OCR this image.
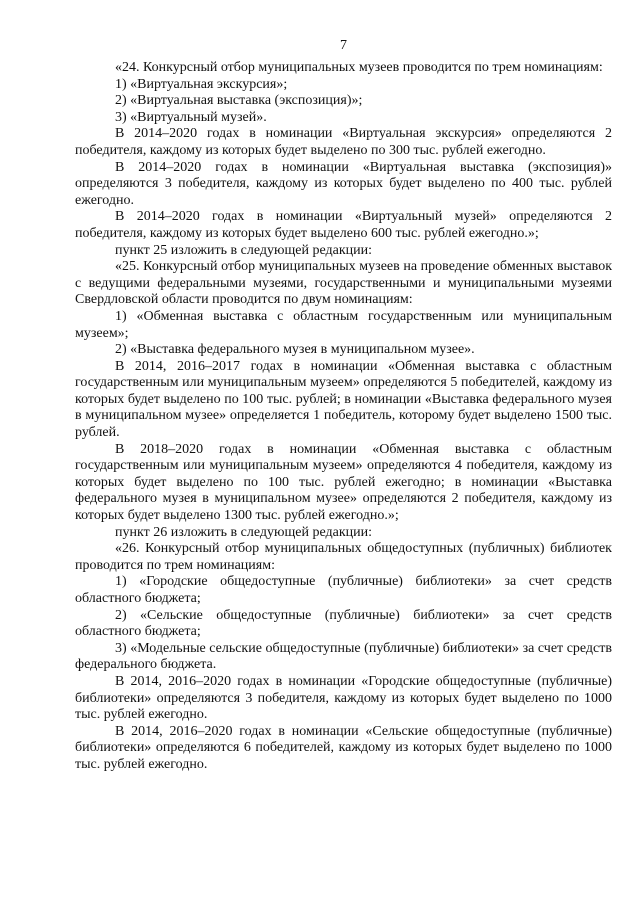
7

«24. Конкурсный отбор муниципальных музеев проводится по трем номинациям:

1) «Виртуальная экскурсия»;

2) «Виртуальная выставка (экспозиция)»;

3) «Виртуальный музей».

В 2014–2020 годах в номинации «Виртуальная экскурсия» определяются 2 победителя, каждому из которых будет выделено по 300 тыс. рублей ежегодно.

В 2014–2020 годах в номинации «Виртуальная выставка (экспозиция)» определяются 3 победителя, каждому из которых будет выделено по 400 тыс. рублей ежегодно.

В 2014–2020 годах в номинации «Виртуальный музей» определяются 2 победителя, каждому из которых будет выделено 600 тыс. рублей ежегодно.»;

пункт 25 изложить в следующей редакции:

«25. Конкурсный отбор муниципальных музеев на проведение обменных выставок с ведущими федеральными музеями, государственными и муниципальными музеями Свердловской области проводится по двум номинациям:

1) «Обменная выставка с областным государственным или муниципальным музеем»;

2) «Выставка федерального музея в муниципальном музее».

В 2014, 2016–2017 годах в номинации «Обменная выставка с областным государственным или муниципальным музеем» определяются 5 победителей, каждому из которых будет выделено по 100 тыс. рублей; в номинации «Выставка федерального музея в муниципальном музее» определяется 1 победитель, которому будет выделено 1500 тыс. рублей.

В 2018–2020 годах в номинации «Обменная выставка с областным государственным или муниципальным музеем» определяются 4 победителя, каждому из которых будет выделено по 100 тыс. рублей ежегодно; в номинации «Выставка федерального музея в муниципальном музее» определяются 2 победителя, каждому из которых будет выделено 1300 тыс. рублей ежегодно.»;

пункт 26 изложить в следующей редакции:

«26. Конкурсный отбор муниципальных общедоступных (публичных) библиотек проводится по трем номинациям:

1) «Городские общедоступные (публичные) библиотеки» за счет средств областного бюджета;

2) «Сельские общедоступные (публичные) библиотеки» за счет средств областного бюджета;

3) «Модельные сельские общедоступные (публичные) библиотеки» за счет средств федерального бюджета.

В 2014, 2016–2020 годах в номинации «Городские общедоступные (публичные) библиотеки» определяются 3 победителя, каждому из которых будет выделено по 1000 тыс. рублей ежегодно.

В 2014, 2016–2020 годах в номинации «Сельские общедоступные (публичные) библиотеки» определяются 6 победителей, каждому из которых будет выделено по 1000 тыс. рублей ежегодно.
